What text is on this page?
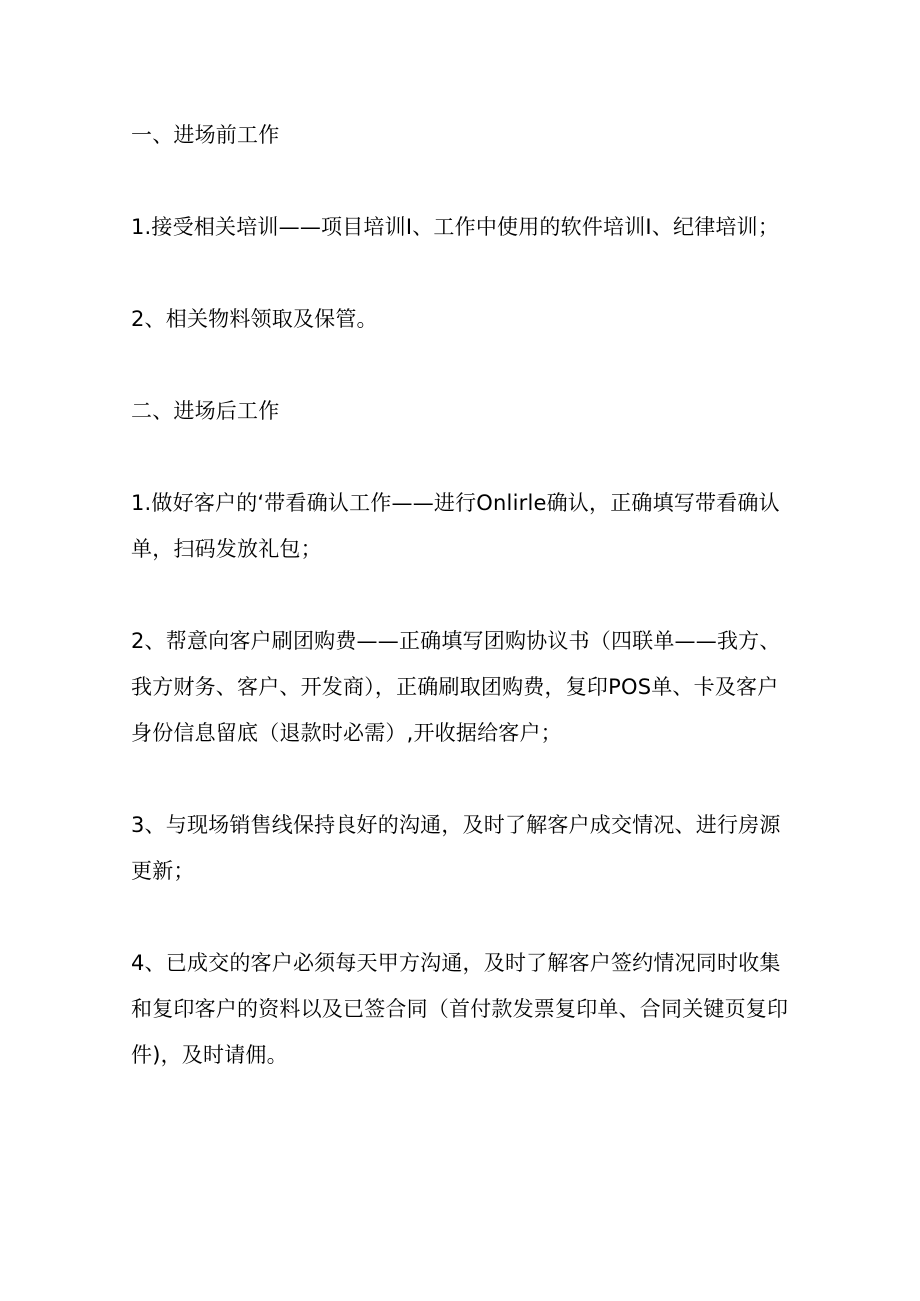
一、进场前工作

1.接受相关培训——项目培训I、工作中使用的软件培训I、纪律培训；

2、相关物料领取及保管。

二、进场后工作

1.做好客户的‘带看确认工作——进行Onlirle确认，正确填写带看确认单，扫码发放礼包；

2、帮意向客户刷团购费——正确填写团购协议书（四联单——我方、我方财务、客户、开发商），正确刷取团购费，复印POS单、卡及客户身份信息留底（退款时必需）,开收据给客户；

3、与现场销售线保持良好的沟通，及时了解客户成交情况、进行房源更新；

4、已成交的客户必须每天甲方沟通，及时了解客户签约情况同时收集和复印客户的资料以及已签合同（首付款发票复印单、合同关键页复印件)，及时请佣。
